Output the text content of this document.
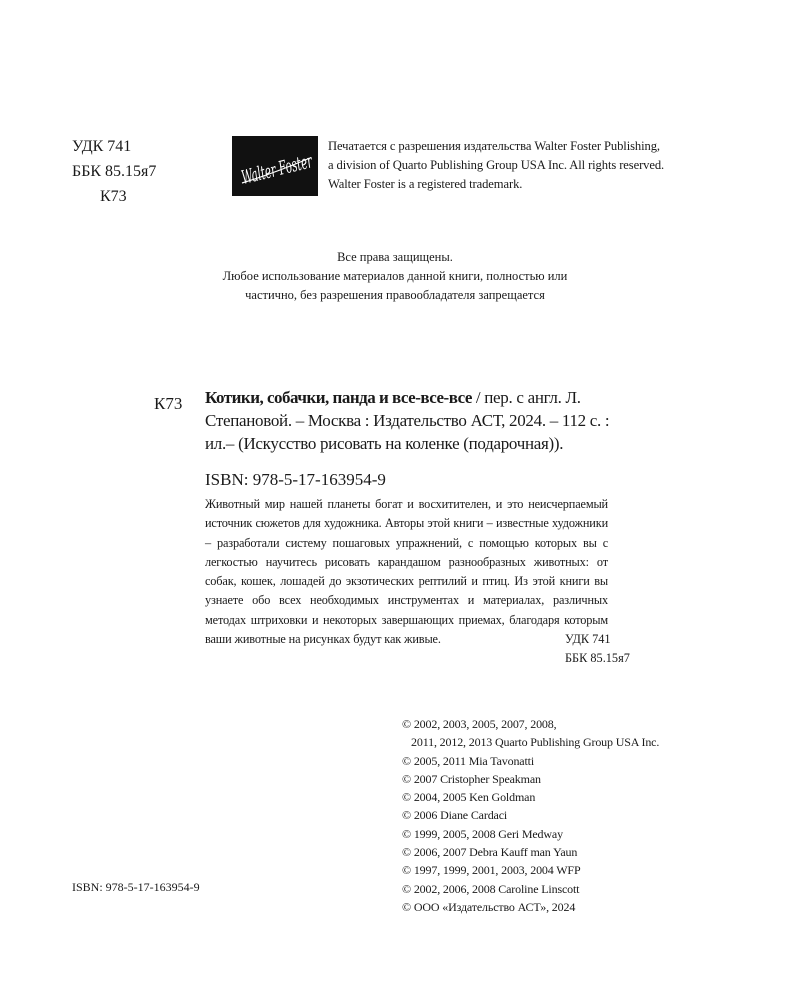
УДК 741
ББК 85.15я7
К73
Walter Foster
Печатается с разрешения издательства Walter Foster Publishing,
a division of Quarto Publishing Group USA Inc. All rights reserved.
Walter Foster is a registered trademark.
Все права защищены.
Любое использование материалов данной книги, полностью или
частично, без разрешения правообладателя запрещается
К73 Котики, собачки, панда и все-все-все / пер. с англ. Л. Степановой. – Москва : Издательство АСТ, 2024. – 112 с. : ил.– (Искусство рисовать на коленке (подарочная)).
ISBN: 978-5-17-163954-9
Животный мир нашей планеты богат и восхитителен, и это неисчерпаемый источник сюжетов для художника. Авторы этой книги – известные художники – разработали систему пошаговых упражнений, с помощью которых вы с легкостью научитесь рисовать карандашом разнообразных животных: от собак, кошек, лошадей до экзотических рептилий и птиц. Из этой книги вы узнаете обо всех необходимых инструментах и материалах, различных методах штриховки и некоторых завершающих приемах, благодаря которым ваши животные на рисунках будут как живые.	УДК 741
ББК 85.15я7
© 2002, 2003, 2005, 2007, 2008,
2011, 2012, 2013 Quarto Publishing Group USA Inc.
© 2005, 2011 Mia Tavonatti
© 2007 Cristopher Speakman
© 2004, 2005 Ken Goldman
© 2006 Diane Cardaci
© 1999, 2005, 2008 Geri Medway
© 2006, 2007 Debra Kauff man Yaun
© 1997, 1999, 2001, 2003, 2004 WFP
© 2002, 2006, 2008 Caroline Linscott
© ООО «Издательство АСТ», 2024
ISBN: 978-5-17-163954-9
